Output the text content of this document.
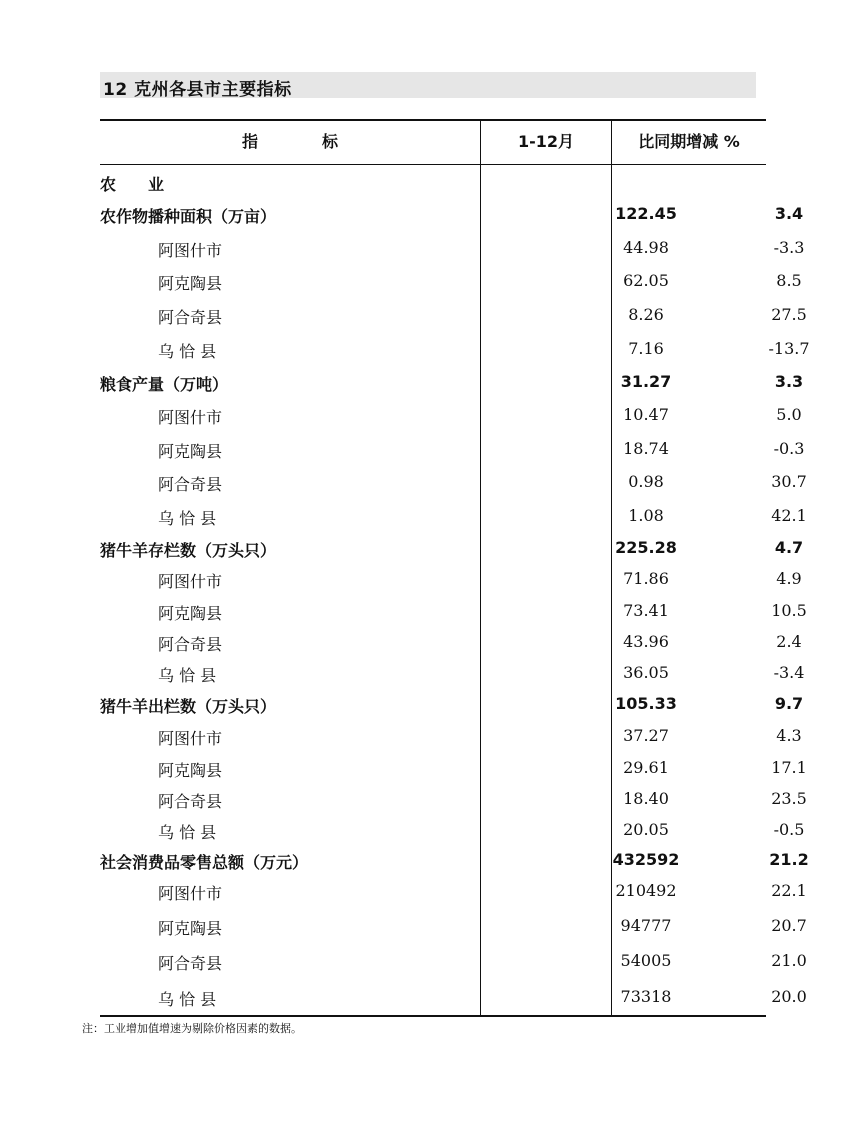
12 克州各县市主要指标
指　　　　标	1-12月	比同期增减 %
农　　业
农作物播种面积（万亩）	122.45	3.4
阿图什市	44.98	-3.3
阿克陶县	62.05	8.5
阿合奇县	8.26	27.5
乌 恰 县	7.16	-13.7
粮食产量（万吨）	31.27	3.3
阿图什市	10.47	5.0
阿克陶县	18.74	-0.3
阿合奇县	0.98	30.7
乌 恰 县	1.08	42.1
猪牛羊存栏数（万头只）	225.28	4.7
阿图什市	71.86	4.9
阿克陶县	73.41	10.5
阿合奇县	43.96	2.4
乌 恰 县	36.05	-3.4
猪牛羊出栏数（万头只）	105.33	9.7
阿图什市	37.27	4.3
阿克陶县	29.61	17.1
阿合奇县	18.40	23.5
乌 恰 县	20.05	-0.5
社会消费品零售总额（万元）	432592	21.2
阿图什市	210492	22.1
阿克陶县	94777	20.7
阿合奇县	54005	21.0
乌 恰 县	73318	20.0
注：工业增加值增速为剔除价格因素的数据。
